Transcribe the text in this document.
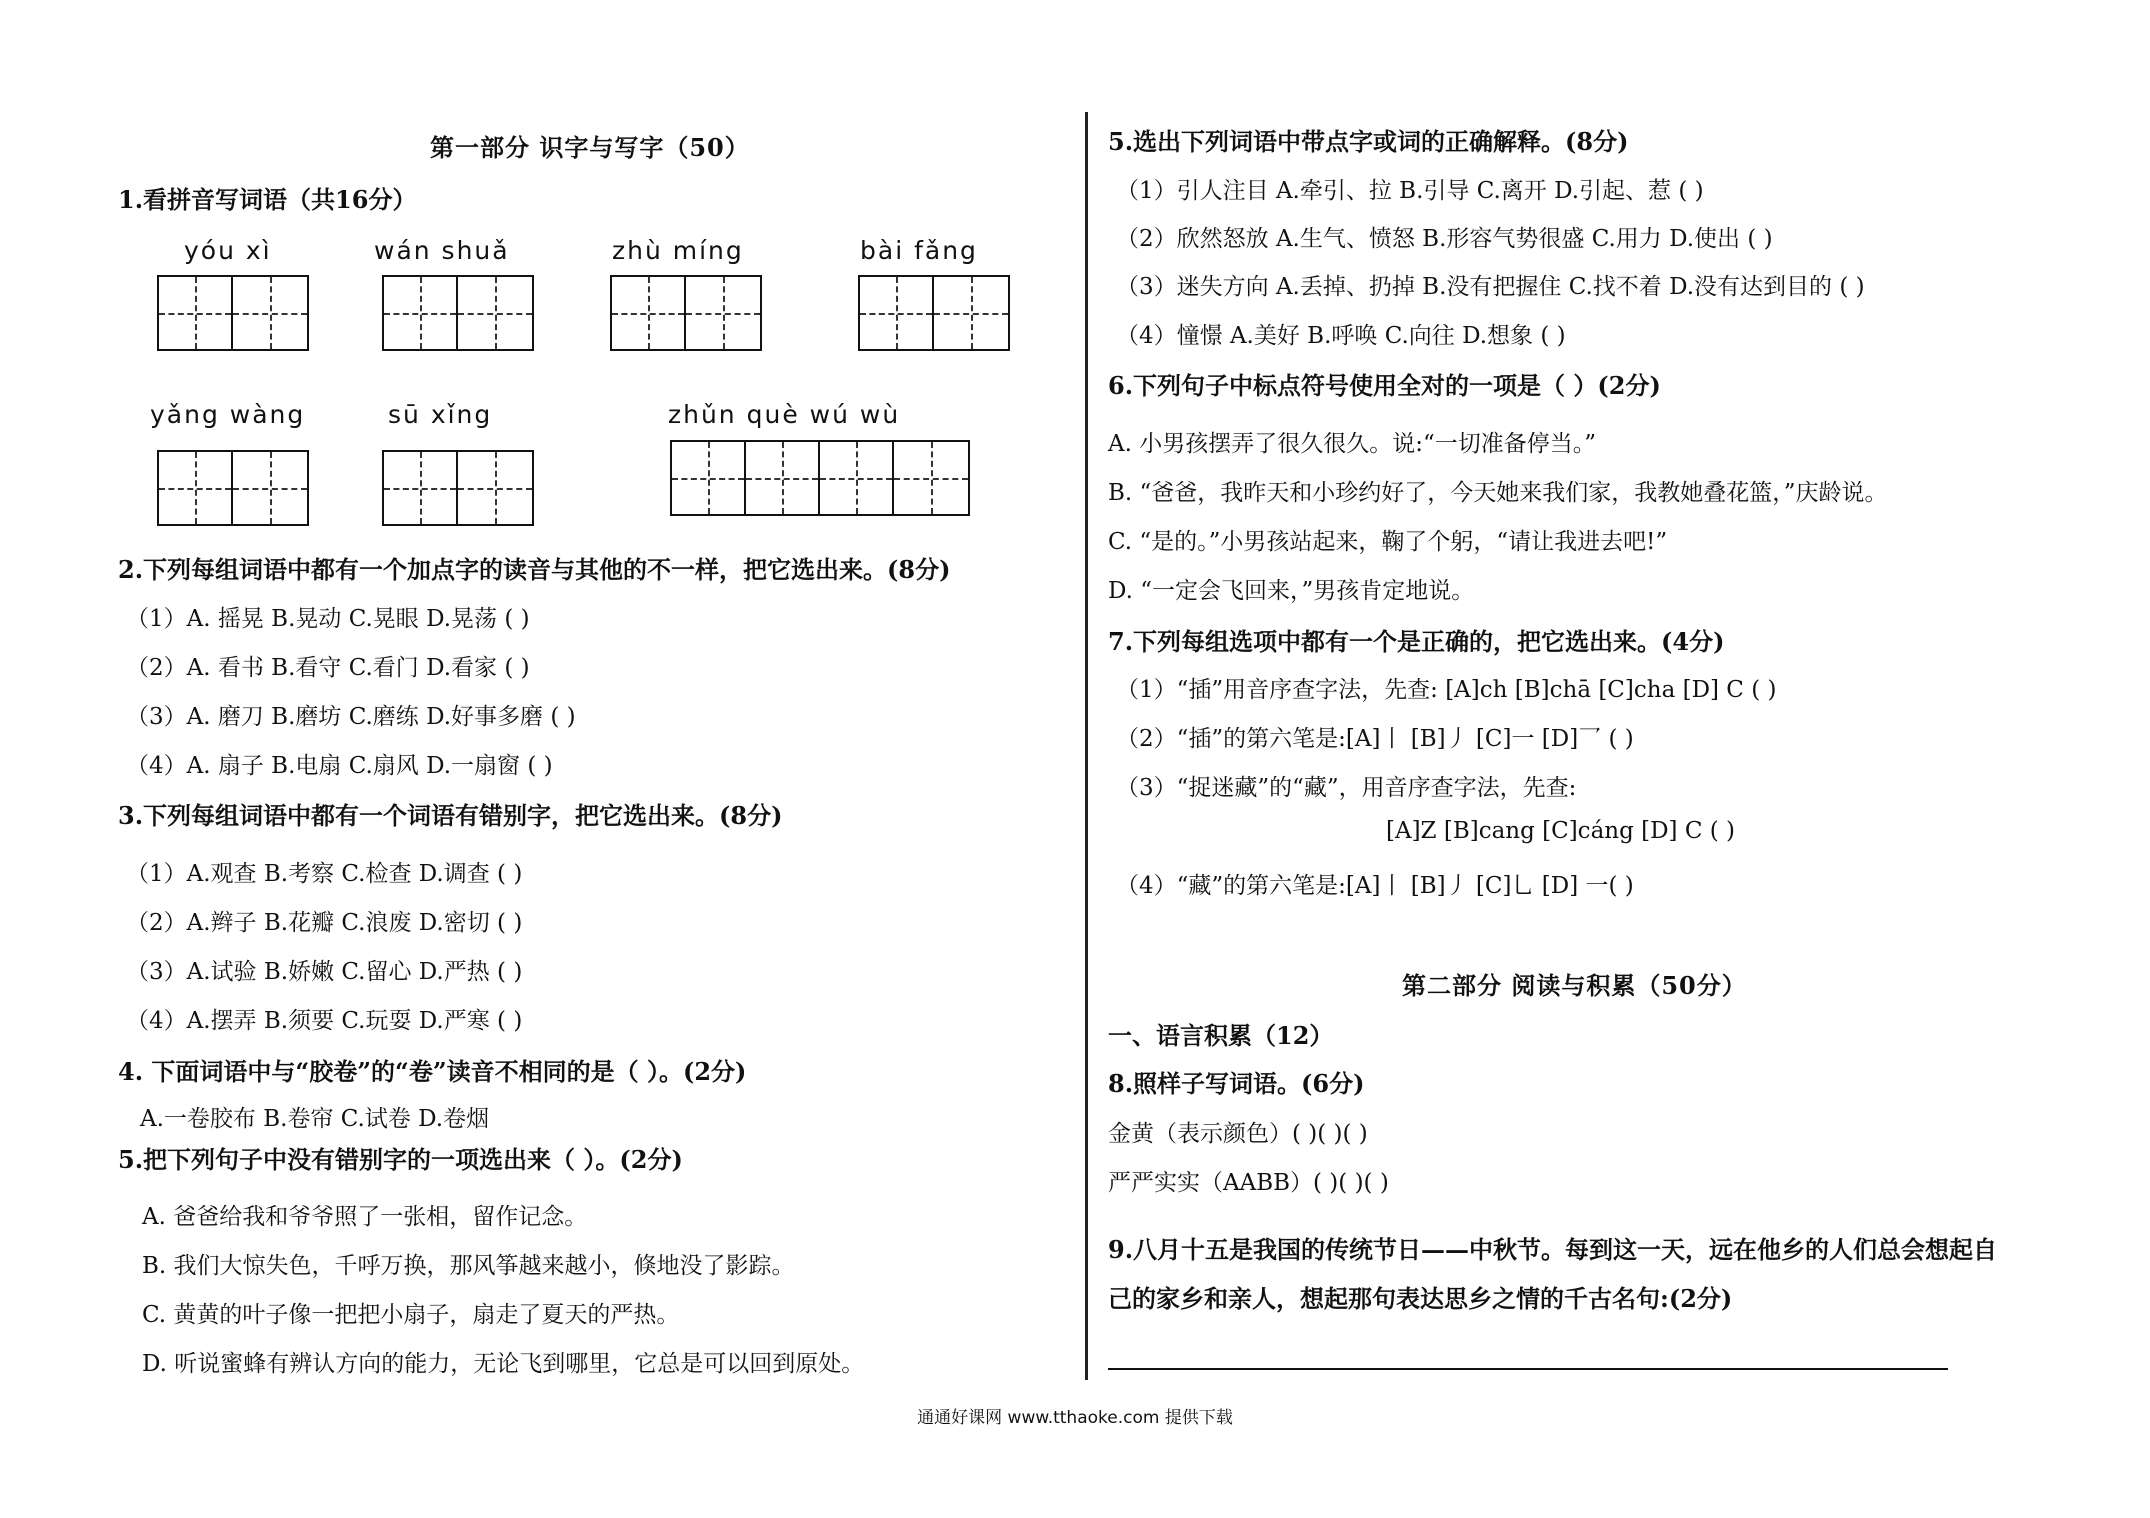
第一部分 识字与写字（50）
1.看拼音写词语（共16分）
yóu xì	wán shuǎ	zhù míng	bài fǎng
yǎng wàng	sū xǐng	zhǔn què wú wù
2.下列每组词语中都有一个加点字的读音与其他的不一样，把它选出来。(8分)
（1）A. 摇晃 B.晃动 C.晃眼 D.晃荡 ( )
（2）A. 看书 B.看守 C.看门 D.看家 ( )
（3）A. 磨刀 B.磨坊 C.磨练 D.好事多磨 ( )
（4）A. 扇子 B.电扇 C.扇风 D.一扇窗 ( )
3.下列每组词语中都有一个词语有错别字，把它选出来。(8分)
（1）A.观查 B.考察 C.检查 D.调查 ( )
（2）A.辫子 B.花瓣 C.浪废 D.密切 ( )
（3）A.试验 B.娇嫩 C.留心 D.严热 ( )
（4）A.摆弄 B.须要 C.玩耍 D.严寒 ( )
4. 下面词语中与“胶卷”的“卷”读音不相同的是（ ）。(2分)
A.一卷胶布 B.卷帘 C.试卷 D.卷烟
5.把下列句子中没有错别字的一项选出来（ ）。(2分)
A. 爸爸给我和爷爷照了一张相，留作记念。
B. 我们大惊失色，千呼万换，那风筝越来越小，倏地没了影踪。
C. 黄黄的叶子像一把把小扇子，扇走了夏天的严热。
D. 听说蜜蜂有辨认方向的能力，无论飞到哪里，它总是可以回到原处。
5.选出下列词语中带点字或词的正确解释。(8分)
（1）引人注目 A.牵引、拉 B.引导 C.离开 D.引起、惹 ( )
（2）欣然怒放 A.生气、愤怒 B.形容气势很盛 C.用力 D.使出 ( )
（3）迷失方向 A.丢掉、扔掉 B.没有把握住 C.找不着 D.没有达到目的 ( )
（4）憧憬 A.美好 B.呼唤 C.向往 D.想象 ( )
6.下列句子中标点符号使用全对的一项是（ ）(2分)
A. 小男孩摆弄了很久很久。说:“一切准备停当。”
B. “爸爸，我昨天和小珍约好了，今天她来我们家，我教她叠花篮，”庆龄说。
C. “是的。”小男孩站起来，鞠了个躬，“请让我进去吧!”
D. “一定会飞回来，”男孩肯定地说。
7.下列每组选项中都有一个是正确的，把它选出来。(4分)
（1）“插”用音序查字法，先查: [A]ch [B]chā [C]cha [D] C ( )
（2）“插”的第六笔是:[A]丨 [B]丿 [C]一 [D]乛 ( )
（3）“捉迷藏”的“藏”，用音序查字法，先查:
[A]Z [B]cang [C]cáng [D] C ( )
（4）“藏”的第六笔是:[A]丨 [B]丿 [C]乚 [D] 一( )
第二部分 阅读与积累（50分）
一、语言积累（12）
8.照样子写词语。(6分)
金黄（表示颜色）( )( )( )
严严实实（AABB）( )( )( )
9.八月十五是我国的传统节日——中秋节。每到这一天，远在他乡的人们总会想起自
己的家乡和亲人，想起那句表达思乡之情的千古名句:(2分)
通通好课网 www.tthaoke.com 提供下载
